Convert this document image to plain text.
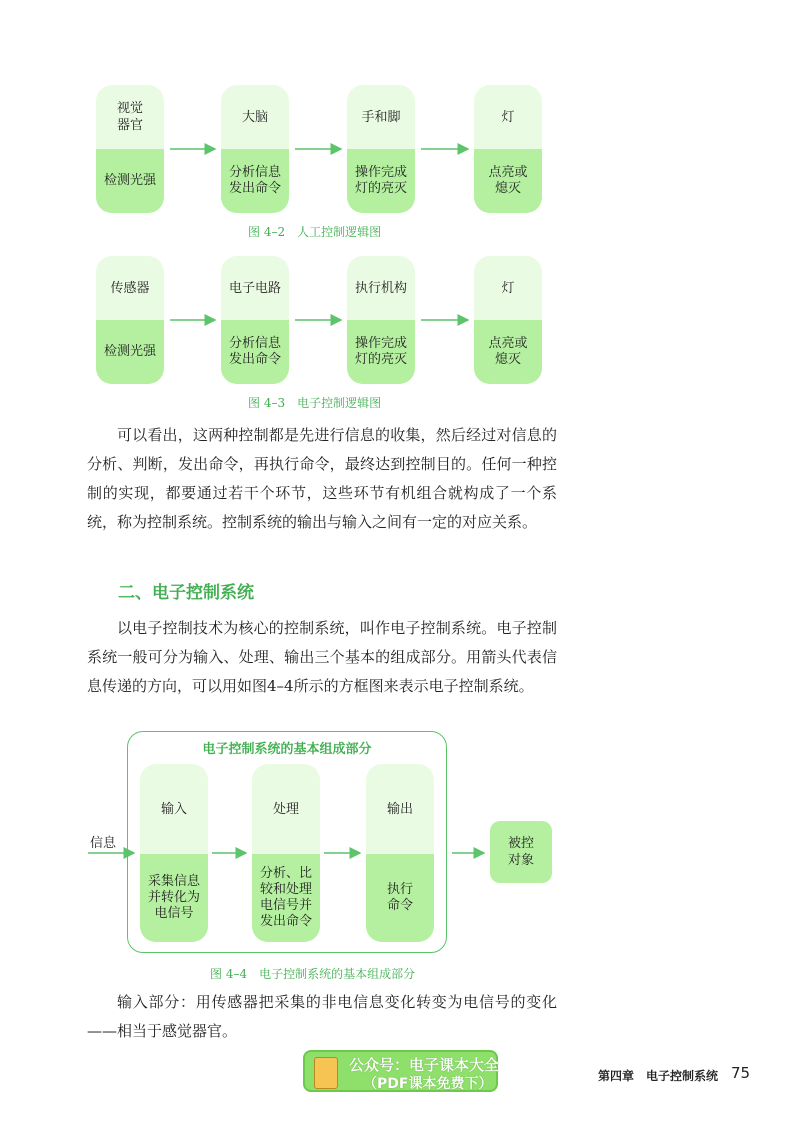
视觉
器官
检测光强
大脑
分析信息
发出命令
手和脚
操作完成
灯的亮灭
灯
点亮或
熄灭
图 4–2　人工控制逻辑图
传感器
检测光强
电子电路
分析信息
发出命令
执行机构
操作完成
灯的亮灭
灯
点亮或
熄灭
图 4–3　电子控制逻辑图
可以看出，这两种控制都是先进行信息的收集，然后经过对信息的分析、判断，发出命令，再执行命令，最终达到控制目的。任何一种控制的实现，都要通过若干个环节，这些环节有机组合就构成了一个系统，称为控制系统。控制系统的输出与输入之间有一定的对应关系。
二、电子控制系统
以电子控制技术为核心的控制系统，叫作电子控制系统。电子控制系统一般可分为输入、处理、输出三个基本的组成部分。用箭头代表信息传递的方向，可以用如图4–4所示的方框图来表示电子控制系统。
电子控制系统的基本组成部分
输入
采集信息
并转化为
电信号
处理
分析、比
较和处理
电信号并
发出命令
输出
执行
命令
信息	被控
对象
图 4–4　电子控制系统的基本组成部分
输入部分：用传感器把采集的非电信息变化转变为电信号的变化——相当于感觉器官。
公众号：电子课本大全
（PDF课本免费下）	第四章　电子控制系统 75
